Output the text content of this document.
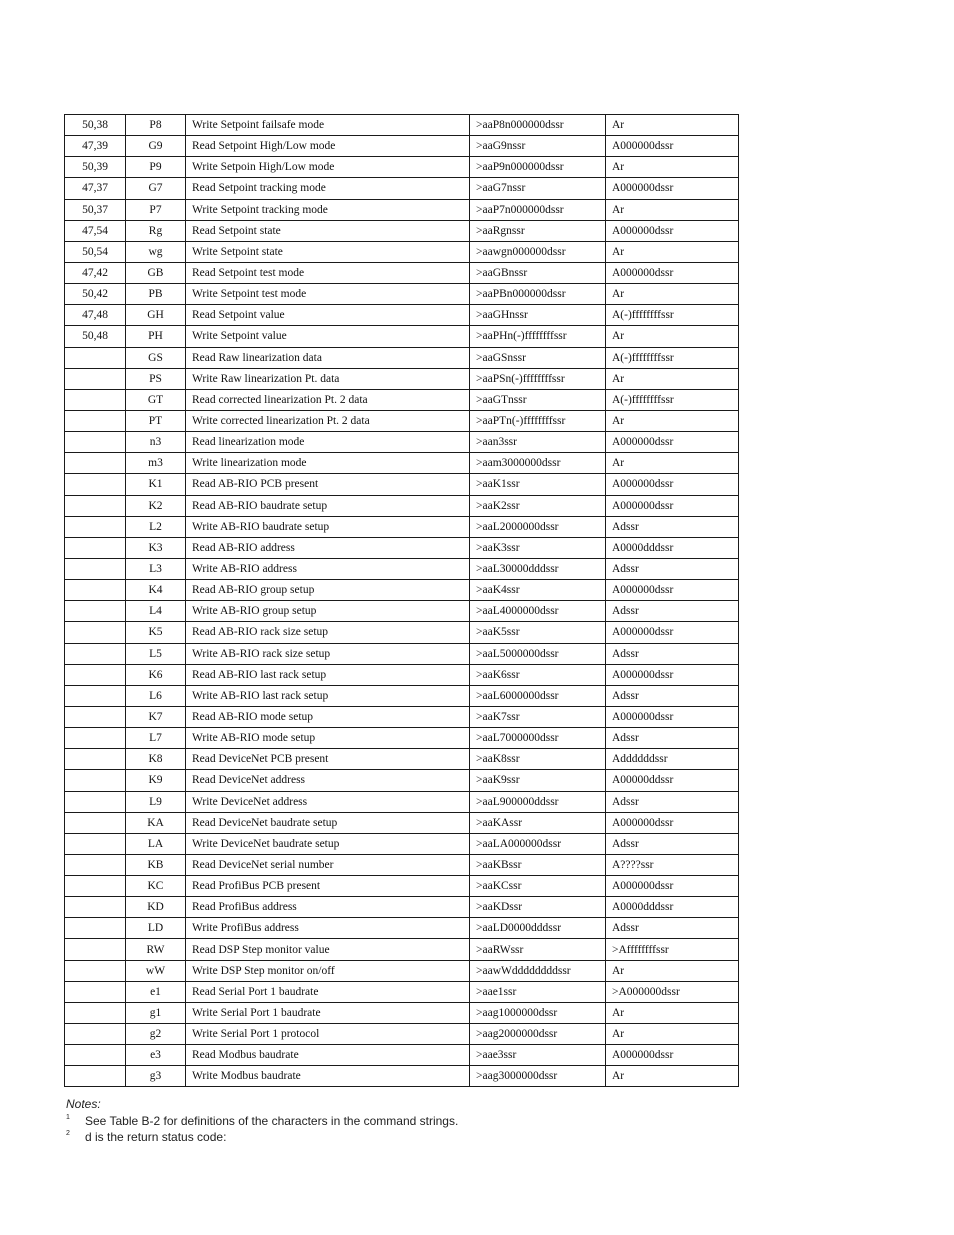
50,38	P8	Write Setpoint failsafe mode	>aaP8n000000dssr	Ar
47,39	G9	Read Setpoint High/Low mode	>aaG9nssr	A000000dssr
50,39	P9	Write Setpoin High/Low mode	>aaP9n000000dssr	Ar
47,37	G7	Read Setpoint tracking mode	>aaG7nssr	A000000dssr
50,37	P7	Write Setpoint tracking mode	>aaP7n000000dssr	Ar
47,54	Rg	Read Setpoint state	>aaRgnssr	A000000dssr
50,54	wg	Write Setpoint state	>aawgn000000dssr	Ar
47,42	GB	Read Setpoint test mode	>aaGBnssr	A000000dssr
50,42	PB	Write Setpoint test mode	>aaPBn000000dssr	Ar
47,48	GH	Read Setpoint value	>aaGHnssr	A(-)ffffffffssr
50,48	PH	Write Setpoint value	>aaPHn(-)ffffffffssr	Ar
	GS	Read Raw linearization data	>aaGSnssr	A(-)ffffffffssr
	PS	Write Raw linearization Pt. data	>aaPSn(-)ffffffffssr	Ar
	GT	Read corrected linearization Pt. 2 data	>aaGTnssr	A(-)ffffffffssr
	PT	Write corrected linearization Pt. 2 data	>aaPTn(-)ffffffffssr	Ar
	n3	Read linearization mode	>aan3ssr	A000000dssr
	m3	Write linearization mode	>aam3000000dssr	Ar
	K1	Read AB-RIO PCB present	>aaK1ssr	A000000dssr
	K2	Read AB-RIO baudrate setup	>aaK2ssr	A000000dssr
	L2	Write AB-RIO baudrate setup	>aaL2000000dssr	Adssr
	K3	Read AB-RIO address	>aaK3ssr	A0000dddssr
	L3	Write AB-RIO address	>aaL30000dddssr	Adssr
	K4	Read AB-RIO group setup	>aaK4ssr	A000000dssr
	L4	Write AB-RIO group setup	>aaL4000000dssr	Adssr
	K5	Read AB-RIO rack size setup	>aaK5ssr	A000000dssr
	L5	Write AB-RIO rack size setup	>aaL5000000dssr	Adssr
	K6	Read AB-RIO last rack setup	>aaK6ssr	A000000dssr
	L6	Write AB-RIO last rack setup	>aaL6000000dssr	Adssr
	K7	Read AB-RIO mode setup	>aaK7ssr	A000000dssr
	L7	Write AB-RIO mode setup	>aaL7000000dssr	Adssr
	K8	Read DeviceNet PCB present	>aaK8ssr	Addddddssr
	K9	Read DeviceNet address	>aaK9ssr	A00000ddssr
	L9	Write DeviceNet address	>aaL900000ddssr	Adssr
	KA	Read DeviceNet baudrate setup	>aaKAssr	A000000dssr
	LA	Write DeviceNet baudrate setup	>aaLA000000dssr	Adssr
	KB	Read DeviceNet serial number	>aaKBssr	A????ssr
	KC	Read ProfiBus PCB present	>aaKCssr	A000000dssr
	KD	Read ProfiBus address	>aaKDssr	A0000dddssr
	LD	Write ProfiBus address	>aaLD0000dddssr	Adssr
	RW	Read DSP Step monitor value	>aaRWssr	>Affffffffssr
	wW	Write DSP Step monitor on/off	>aawWddddddddssr	Ar
	e1	Read Serial Port 1 baudrate	>aae1ssr	>A000000dssr
	g1	Write Serial Port 1 baudrate	>aag1000000dssr	Ar
	g2	Write Serial Port 1 protocol	>aag2000000dssr	Ar
	e3	Read Modbus baudrate	>aae3ssr	A000000dssr
	g3	Write Modbus baudrate	>aag3000000dssr	Ar
Notes:
1 See Table B-2 for definitions of the characters in the command strings.
2 d is the return status code:
